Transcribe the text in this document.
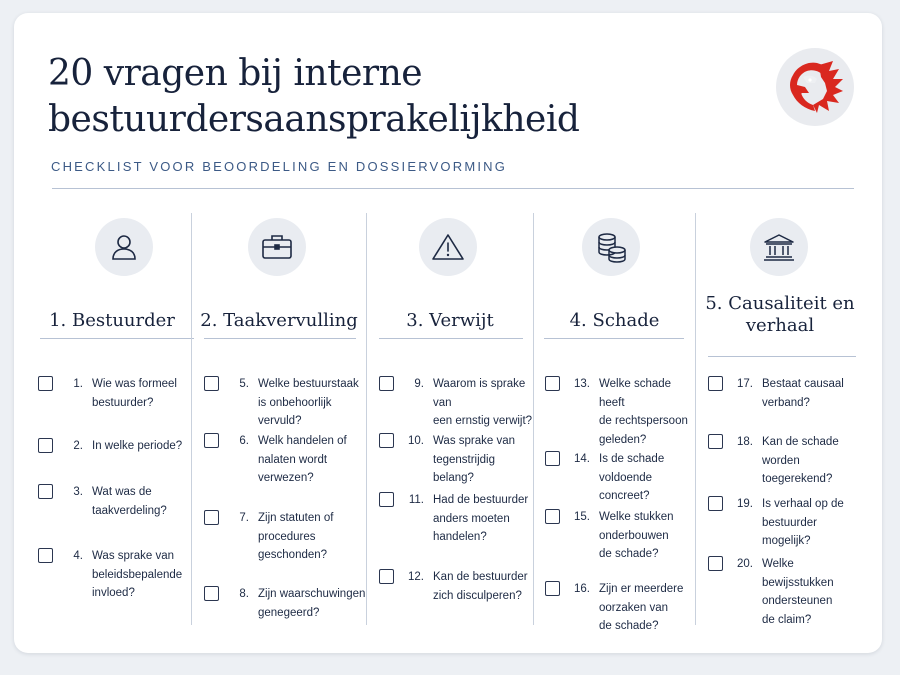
20 vragen bij interne bestuurdersaansprakelijkheid
CHECKLIST VOOR BEOORDELING EN DOSSIERVORMING
1. Bestuurder
1. Wie was formeel
bestuurder?
2. In welke periode?
3. Wat was de
taakverdeling?
4. Was sprake van
beleidsbepalende
invloed?
2. Taakvervulling
5. Welke bestuurstaak
is onbehoorlijk vervuld?
6. Welk handelen of
nalaten wordt
verwezen?
7. Zijn statuten of
procedures
geschonden?
8. Zijn waarschuwingen
genegeerd?
3. Verwijt
9. Waarom is sprake van
een ernstig verwijt?
10. Was sprake van
tegenstrijdig belang?
11. Had de bestuurder
anders moeten
handelen?
12. Kan de bestuurder
zich disculperen?
4. Schade
13. Welke schade heeft
de rechtspersoon
geleden?
14. Is de schade
voldoende concreet?
15. Welke stukken
onderbouwen
de schade?
16. Zijn er meerdere
oorzaken van
de schade?
5. Causaliteit en
verhaal
17. Bestaat causaal
verband?
18. Kan de schade worden
toegerekend?
19. Is verhaal op de
bestuurder mogelijk?
20. Welke bewijsstukken
ondersteunen
de claim?
